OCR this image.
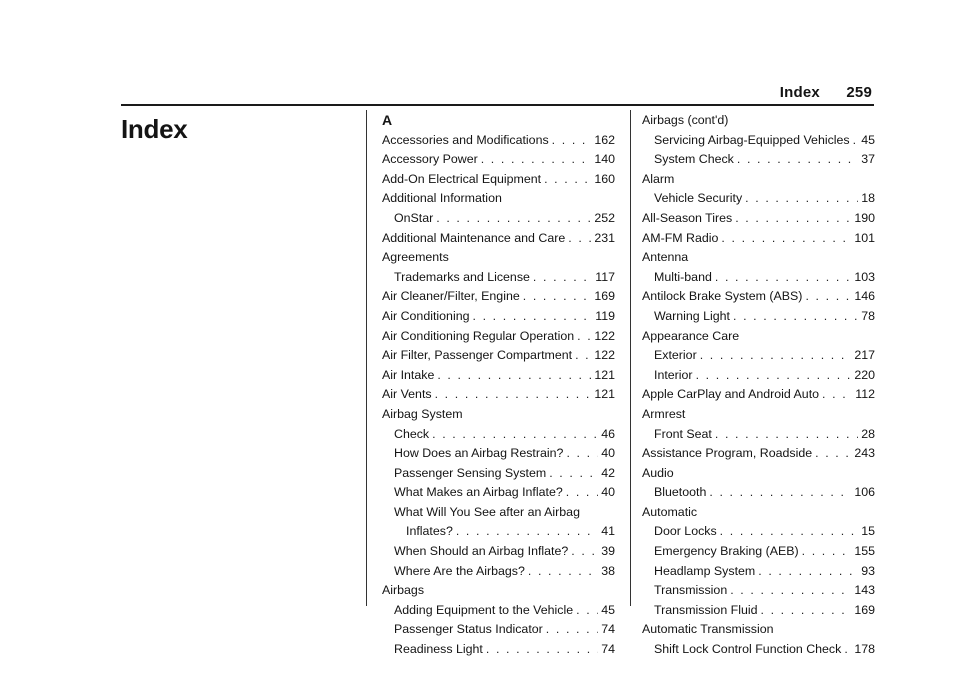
Index 259
Index	A
Accessories and Modifications . . .	162
Accessory Power . . .	140
Add-On Electrical Equipment . . .	160
Additional Information
OnStar . . .	252
Additional Maintenance and Care . . . 231
Agreements
Trademarks and License . . .	117
Air Cleaner/Filter, Engine . . .	169
Air Conditioning . . .	119
Air Conditioning Regular Operation . . . 122
Air Filter, Passenger Compartment . . . 122
Air Intake . . .	121
Air Vents . . .	121
Airbag System
Check . . .	46
How Does an Airbag Restrain? . . .	40
Passenger Sensing System . . .	42
What Makes an Airbag Inflate? . . .	40
What Will You See after an Airbag
Inflates? . . .	41
When Should an Airbag Inflate? . . .	39
Where Are the Airbags? . . .	38
Airbags
Adding Equipment to the Vehicle . . . 45
Passenger Status Indicator . . .	74
Readiness Light . . .	74
Airbags (cont'd)
Servicing Airbag-Equipped Vehicles . . . 45
System Check . . .	37
Alarm
Vehicle Security . . .	18
All-Season Tires . . .	190
AM-FM Radio . . .	101
Antenna
Multi-band . . .	103
Antilock Brake System (ABS) . . .	146
Warning Light . . .	78
Appearance Care
Exterior . . .	217
Interior . . .	220
Apple CarPlay and Android Auto . . .	112
Armrest
Front Seat . . .	28
Assistance Program, Roadside . . .	243
Audio
Bluetooth . . .	106
Automatic
Door Locks . . .	15
Emergency Braking (AEB) . . .	155
Headlamp System . . .	93
Transmission . . .	143
Transmission Fluid . . .	169
Automatic Transmission
Shift Lock Control Function Check . . . 178
